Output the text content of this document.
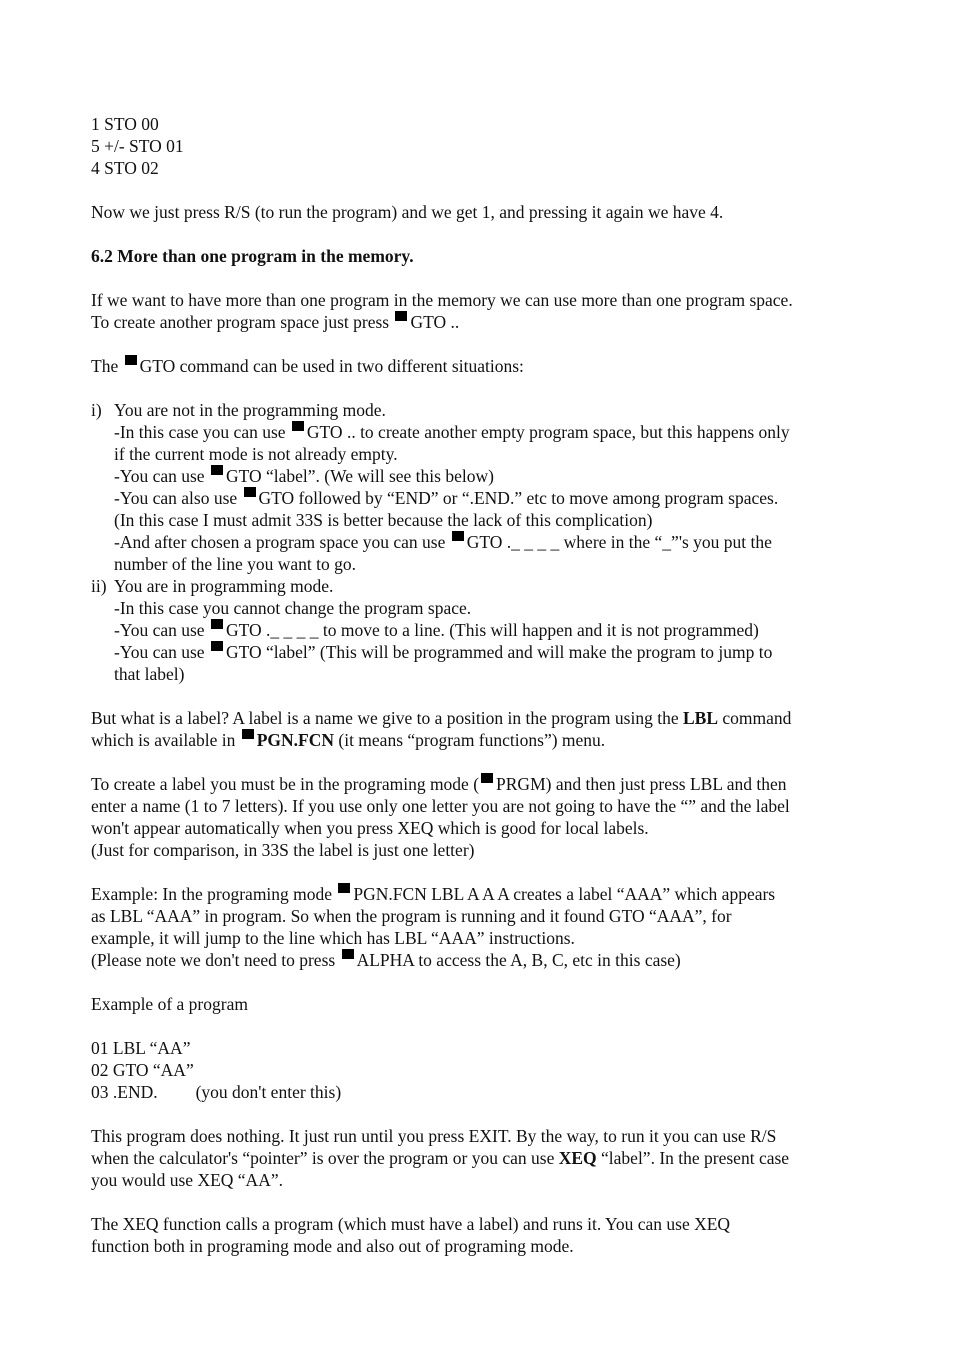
1 STO 00

5 +/- STO 01

4 STO 02

Now we just press R/S (to run the program) and we get 1, and pressing it again we have 4.

6.2 More than one program in the memory.

If we want to have more than one program in the memory we can use more than one program space.

To create another program space just press GTO ..

The GTO command can be used in two different situations:

i) You are not in the programming mode.

-In this case you can use GTO .. to create another empty program space, but this happens only

if the current mode is not already empty.

-You can use GTO “label”. (We will see this below)

-You can also use GTO followed by “END” or “.END.” etc to move among program spaces.

(In this case I must admit 33S is better because the lack of this complication)

-And after chosen a program space you can use GTO ._ _ _ _ where in the “_”'s you put the

number of the line you want to go.

ii) You are in programming mode.

-In this case you cannot change the program space.

-You can use GTO ._ _ _ _ to move to a line. (This will happen and it is not programmed)

-You can use GTO “label” (This will be programmed and will make the program to jump to

that label)

But what is a label? A label is a name we give to a position in the program using the LBL command

which is available in PGN.FCN (it means “program functions”) menu.

To create a label you must be in the programing mode ( PRGM) and then just press LBL and then

enter a name (1 to 7 letters). If you use only one letter you are not going to have the “” and the label

won't appear automatically when you press XEQ which is good for local labels.

(Just for comparison, in 33S the label is just one letter)

Example: In the programing mode PGN.FCN LBL A A A creates a label “AAA” which appears

as LBL “AAA” in program. So when the program is running and it found GTO “AAA”, for

example, it will jump to the line which has LBL “AAA” instructions.

(Please note we don't need to press ALPHA to access the A, B, C, etc in this case)

Example of a program

01 LBL “AA”

02 GTO “AA”

03 .END. (you don't enter this)

This program does nothing. It just run until you press EXIT. By the way, to run it you can use R/S

when the calculator's “pointer” is over the program or you can use XEQ “label”. In the present case

you would use XEQ “AA”.

The XEQ function calls a program (which must have a label) and runs it. You can use XEQ

function both in programing mode and also out of programing mode.
